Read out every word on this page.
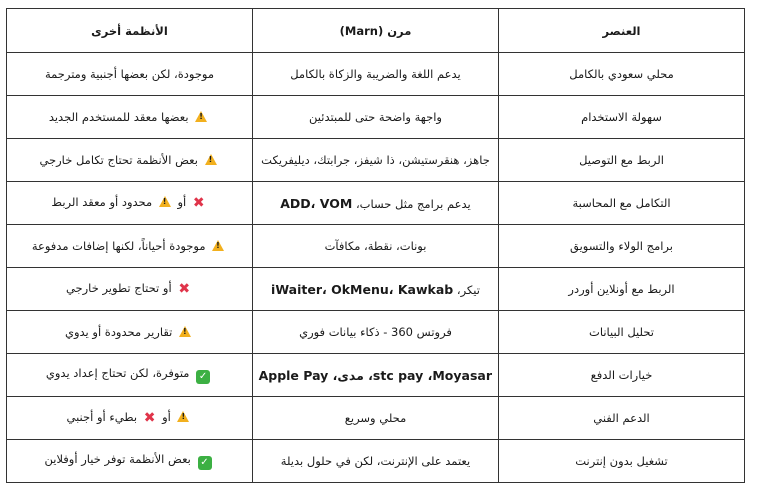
العنصر	مرن (Marn)	الأنظمة أخرى
محلي سعودي بالكامل	يدعم اللغة والضريبة والزكاة بالكامل	موجودة، لكن بعضها أجنبية ومترجمة
سهولة الاستخدام	واجهة واضحة حتى للمبتدئين	! بعضها معقد للمستخدم الجديد
الربط مع التوصيل	جاهز، هنقرستيشن، ذا شيفز، جرابتك، ديليفريكت	! بعض الأنظمة تحتاج تكامل خارجي
التكامل مع المحاسبة	يدعم برامج مثل حساب، ADD، VOM	✖ أو ! محدود أو معقد الربط
برامج الولاء والتسويق	بونات، نقطة، مكافآت	! موجودة أحياناً، لكنها إضافات مدفوعة
الربط مع أونلاين أوردر	تيكر، iWaiter، OkMenu، Kawkab	✖ أو تحتاج تطوير خارجي
تحليل البيانات	فروتس 360 - ذكاء بيانات فوري	! تقارير محدودة أو يدوي
خيارات الدفع	Apple Pay ،مدى ،stc pay ،Moyasar	✓ متوفرة، لكن تحتاج إعداد يدوي
الدعم الفني	محلي وسريع	! أو ✖ بطيء أو أجنبي
تشغيل بدون إنترنت	يعتمد على الإنترنت، لكن في حلول بديلة	✓ بعض الأنظمة توفر خيار أوفلاين
